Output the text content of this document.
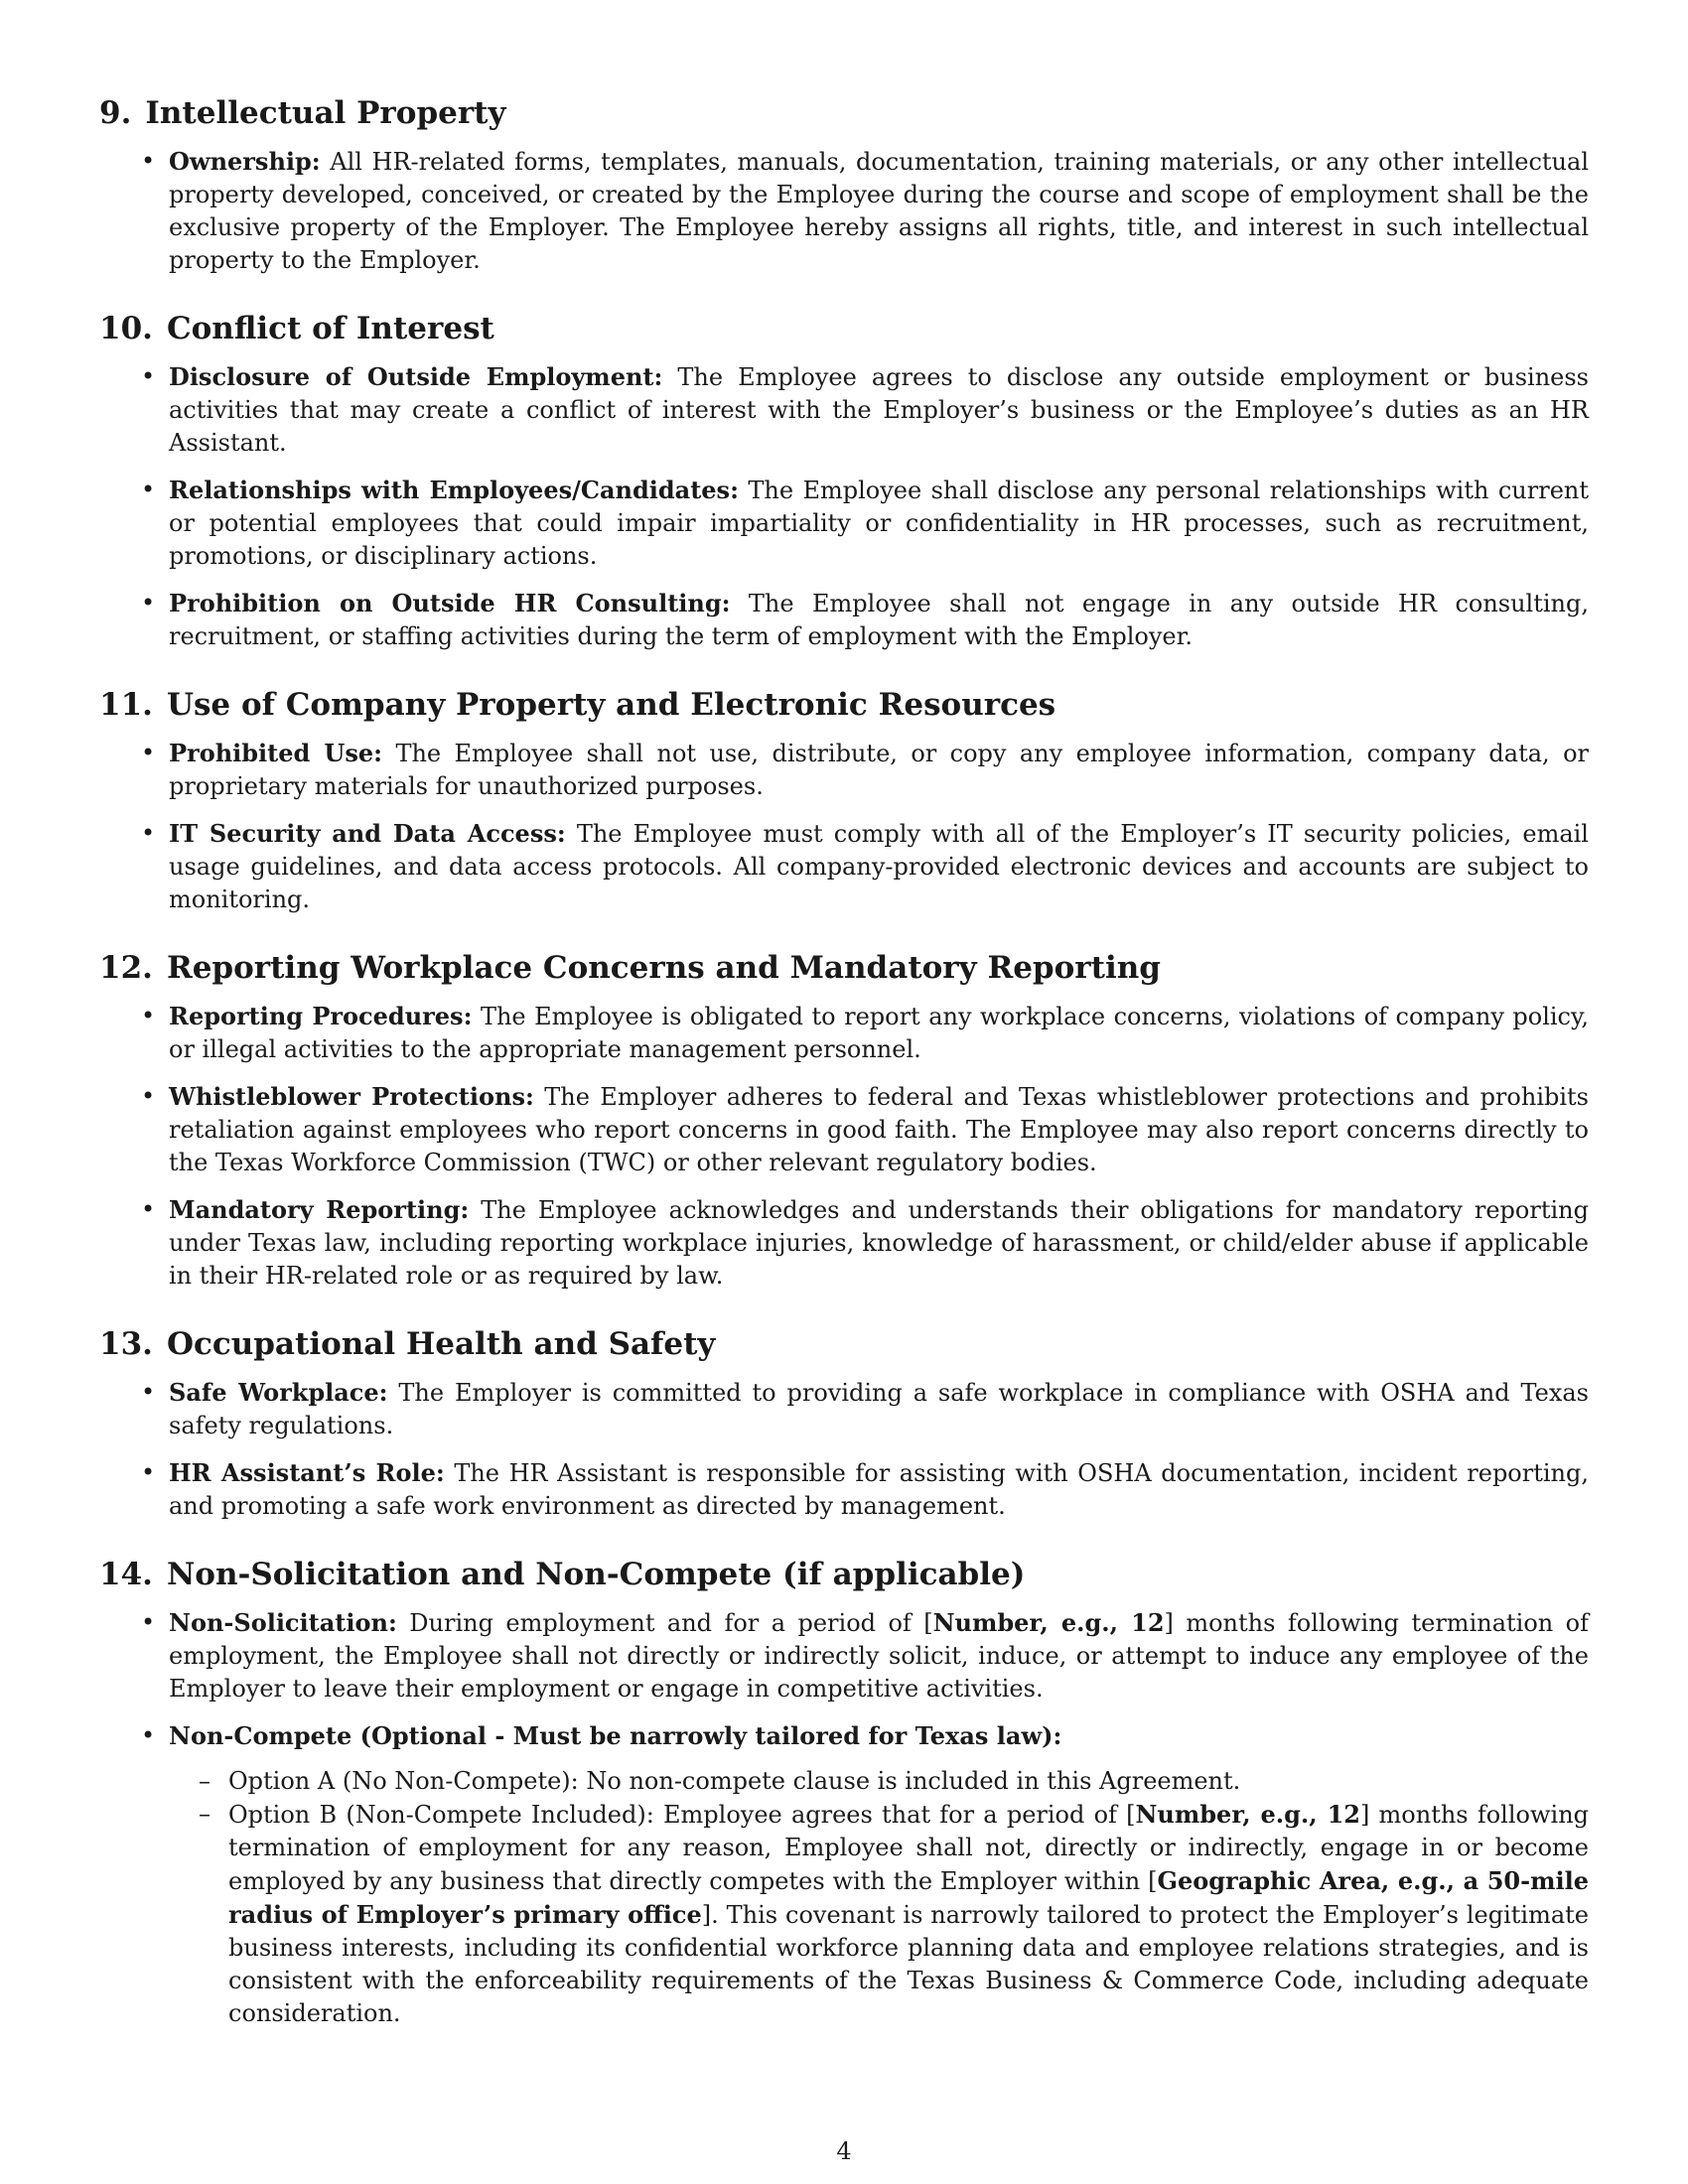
9. Intellectual Property
• Ownership: All HR-related forms, templates, manuals, documentation, training materials, or any other intellectual property developed, conceived, or created by the Employee during the course and scope of employment shall be the exclusive property of the Employer. The Employee hereby assigns all rights, title, and interest in such intellectual property to the Employer.
10. Conflict of Interest
• Disclosure of Outside Employment: The Employee agrees to disclose any outside employment or business activities that may create a conflict of interest with the Employer’s business or the Employee’s duties as an HR Assistant.
• Relationships with Employees/Candidates: The Employee shall disclose any personal relationships with current or potential employees that could impair impartiality or confidentiality in HR processes, such as recruitment, promotions, or disciplinary actions.
• Prohibition on Outside HR Consulting: The Employee shall not engage in any outside HR consulting, recruitment, or staffing activities during the term of employment with the Employer.
11. Use of Company Property and Electronic Resources
• Prohibited Use: The Employee shall not use, distribute, or copy any employee information, company data, or proprietary materials for unauthorized purposes.
• IT Security and Data Access: The Employee must comply with all of the Employer’s IT security policies, email usage guidelines, and data access protocols. All company-provided electronic devices and accounts are subject to monitoring.
12. Reporting Workplace Concerns and Mandatory Reporting
• Reporting Procedures: The Employee is obligated to report any workplace concerns, violations of company policy, or illegal activities to the appropriate management personnel.
• Whistleblower Protections: The Employer adheres to federal and Texas whistleblower protections and prohibits retaliation against employees who report concerns in good faith. The Employee may also report concerns directly to the Texas Workforce Commission (TWC) or other relevant regulatory bodies.
• Mandatory Reporting: The Employee acknowledges and understands their obligations for mandatory reporting under Texas law, including reporting workplace injuries, knowledge of harassment, or child/elder abuse if applicable in their HR-related role or as required by law.
13. Occupational Health and Safety
• Safe Workplace: The Employer is committed to providing a safe workplace in compliance with OSHA and Texas safety regulations.
• HR Assistant’s Role: The HR Assistant is responsible for assisting with OSHA documentation, incident reporting, and promoting a safe work environment as directed by management.
14. Non-Solicitation and Non-Compete (if applicable)
• Non-Solicitation: During employment and for a period of [Number, e.g., 12] months following termination of employment, the Employee shall not directly or indirectly solicit, induce, or attempt to induce any employee of the Employer to leave their employment or engage in competitive activities.
• Non-Compete (Optional - Must be narrowly tailored for Texas law):
– Option A (No Non-Compete): No non-compete clause is included in this Agreement.
– Option B (Non-Compete Included): Employee agrees that for a period of [Number, e.g., 12] months following termination of employment for any reason, Employee shall not, directly or indirectly, engage in or become employed by any business that directly competes with the Employer within [Geographic Area, e.g., a 50-mile radius of Employer’s primary office]. This covenant is narrowly tailored to protect the Employer’s legitimate business interests, including its confidential workforce planning data and employee relations strategies, and is consistent with the enforceability requirements of the Texas Business & Commerce Code, including adequate consideration.
4
